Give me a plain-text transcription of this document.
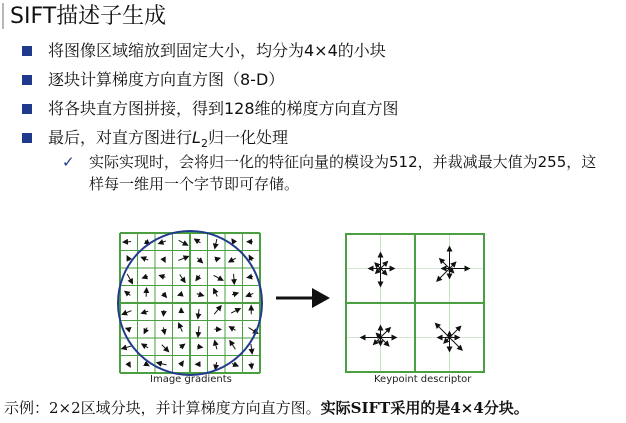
SIFT描述子生成
将图像区域缩放到固定大小，均分为4×4的小块
逐块计算梯度方向直方图（8-D）
将各块直方图拼接，得到128维的梯度方向直方图
最后，对直方图进行$L_2$归一化处理
✓ 实际实现时，会将归一化的特征向量的模设为512，并裁减最大值为255，这样每一维用一个字节即可存储。
Image gradients	Keypoint descriptor
示例：2×2区域分块，并计算梯度方向直方图。实际SIFT采用的是4×4分块。
